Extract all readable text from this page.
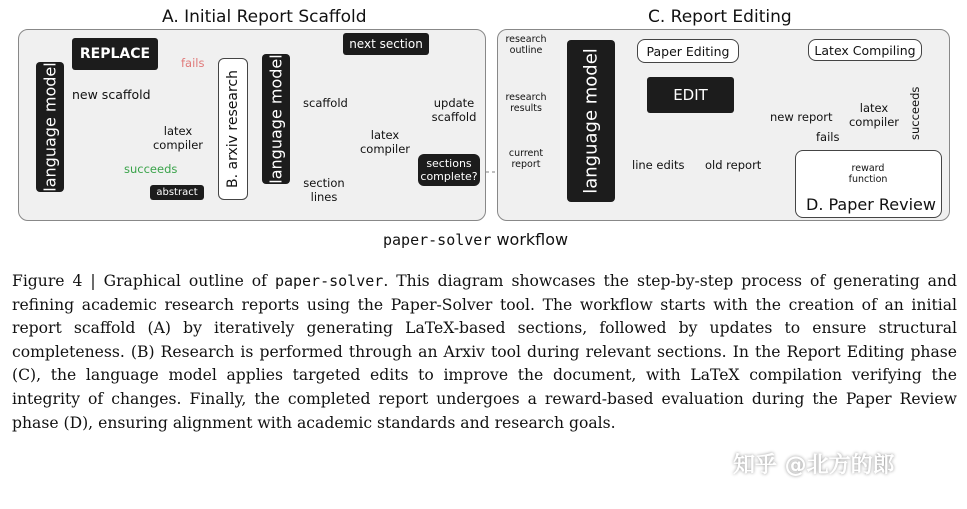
A. Initial Report Scaffold
language model
REPLACE
fails
new scaffold
latex
compiler
succeeds
abstract
next section
B. arxiv research language model scaffold
section
lines
latex
compiler
update
scaffold
sections
complete?
C. Report Editing
research
outline
research
results
current
report	language model	Paper Editing	Latex Compiling
EDIT
new report
latex
compiler
fails	succeeds
line edits old report	reward
function
D. Paper Review
paper-solver workflow
Figure 4 | Graphical outline of paper-solver. This diagram showcases the step-by-step process of generating and refining academic research reports using the Paper-Solver tool. The workflow starts with the creation of an initial report scaffold (A) by iteratively generating LaTeX-based sections, followed by updates to ensure structural completeness. (B) Research is performed through an Arxiv tool during relevant sections. In the Report Editing phase (C), the language model applies targeted edits to improve the document, with LaTeX compilation verifying the integrity of changes. Finally, the completed report undergoes a reward-based evaluation during the Paper Review phase (D), ensuring alignment with academic standards and research goals.
知乎 @北方的郎
